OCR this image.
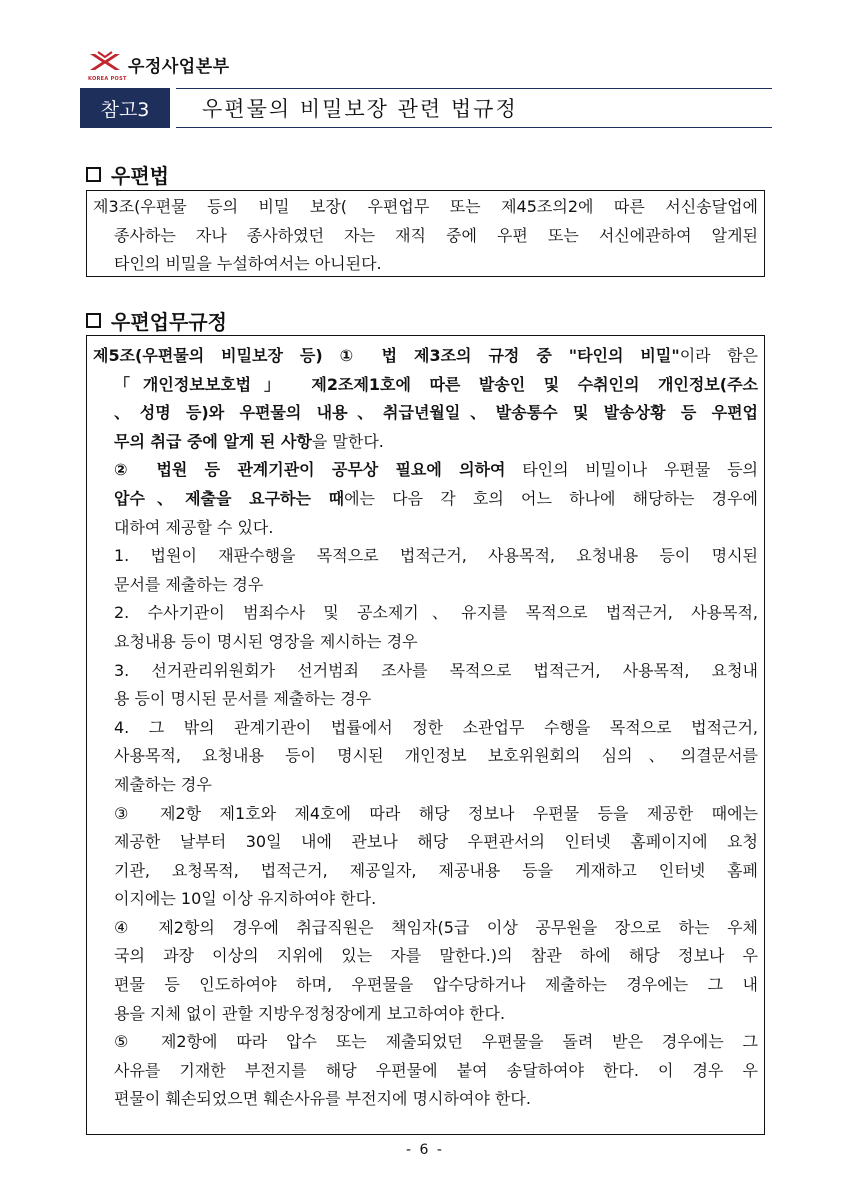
KOREA POST
우정사업본부
참고3	우편물의 비밀보장 관련 법규정
우편법

제3조(우편물 등의 비밀 보장( 우편업무 또는 제45조의2에 따른 서신송달업에

종사하는 자나 종사하였던 자는 재직 중에 우편 또는 서신에관하여 알게된

타인의 비밀을 누설하여서는 아니된다.

우편업무규정

제5조(우편물의 비밀보장 등) ① 법 제3조의 규정 중 "타인의 비밀"이라 함은

「개인정보보호법」 제2조제1호에 따른 발송인 및 수취인의 개인정보(주소

、성명 등)와 우편물의 내용、취급년월일、발송통수 및 발송상황 등 우편업

무의 취급 중에 알게 된 사항을 말한다.

② 법원 등 관계기관이 공무상 필요에 의하여 타인의 비밀이나 우편물 등의

압수、제출을 요구하는 때에는 다음 각 호의 어느 하나에 해당하는 경우에

대하여 제공할 수 있다.

1. 법원이 재판수행을 목적으로 법적근거, 사용목적, 요청내용 등이 명시된

문서를 제출하는 경우

2. 수사기관이 범죄수사 및 공소제기、유지를 목적으로 법적근거, 사용목적,

요청내용 등이 명시된 영장을 제시하는 경우

3. 선거관리위원회가 선거범죄 조사를 목적으로 법적근거, 사용목적, 요청내

용 등이 명시된 문서를 제출하는 경우

4. 그 밖의 관계기관이 법률에서 정한 소관업무 수행을 목적으로 법적근거,

사용목적, 요청내용 등이 명시된 개인정보 보호위원회의 심의、의결문서를

제출하는 경우

③ 제2항 제1호와 제4호에 따라 해당 정보나 우편물 등을 제공한 때에는

제공한 날부터 30일 내에 관보나 해당 우편관서의 인터넷 홈페이지에 요청

기관, 요청목적, 법적근거, 제공일자, 제공내용 등을 게재하고 인터넷 홈페

이지에는 10일 이상 유지하여야 한다.

④ 제2항의 경우에 취급직원은 책임자(5급 이상 공무원을 장으로 하는 우체

국의 과장 이상의 지위에 있는 자를 말한다.)의 참관 하에 해당 정보나 우

편물 등 인도하여야 하며, 우편물을 압수당하거나 제출하는 경우에는 그 내

용을 지체 없이 관할 지방우정청장에게 보고하여야 한다.

⑤ 제2항에 따라 압수 또는 제출되었던 우편물을 돌려 받은 경우에는 그

사유를 기재한 부전지를 해당 우편물에 붙여 송달하여야 한다. 이 경우 우

편물이 훼손되었으면 훼손사유를 부전지에 명시하여야 한다.

- 6 -
